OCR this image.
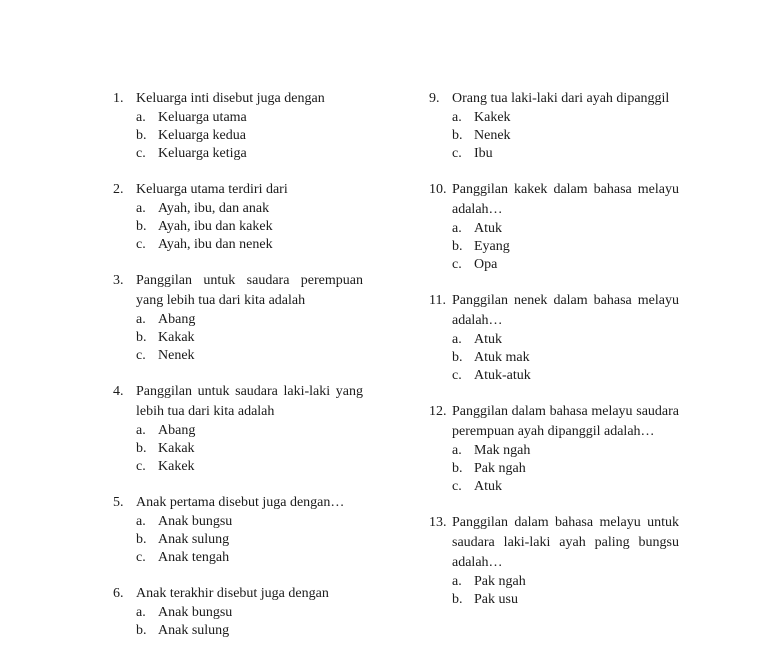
1. Keluarga inti disebut juga dengan
a. Keluarga utama
b. Keluarga kedua
c. Keluarga ketiga
2. Keluarga utama terdiri dari
a. Ayah, ibu, dan anak
b. Ayah, ibu dan kakek
c. Ayah, ibu dan nenek
3. Panggilan untuk saudara perempuan yang lebih tua dari kita adalah
a. Abang
b. Kakak
c. Nenek
4. Panggilan untuk saudara laki-laki yang lebih tua dari kita adalah
a. Abang
b. Kakak
c. Kakek
5. Anak pertama disebut juga dengan…
a. Anak bungsu
b. Anak sulung
c. Anak tengah
6. Anak terakhir disebut juga dengan
a. Anak bungsu
b. Anak sulung
9. Orang tua laki-laki dari ayah dipanggil
a. Kakek
b. Nenek
c. Ibu
10. Panggilan kakek dalam bahasa melayu adalah…
a. Atuk
b. Eyang
c. Opa
11. Panggilan nenek dalam bahasa melayu adalah…
a. Atuk
b. Atuk mak
c. Atuk-atuk
12. Panggilan dalam bahasa melayu saudara perempuan ayah dipanggil adalah…
a. Mak ngah
b. Pak ngah
c. Atuk
13. Panggilan dalam bahasa melayu untuk saudara laki-laki ayah paling bungsu adalah…
a. Pak ngah
b. Pak usu
